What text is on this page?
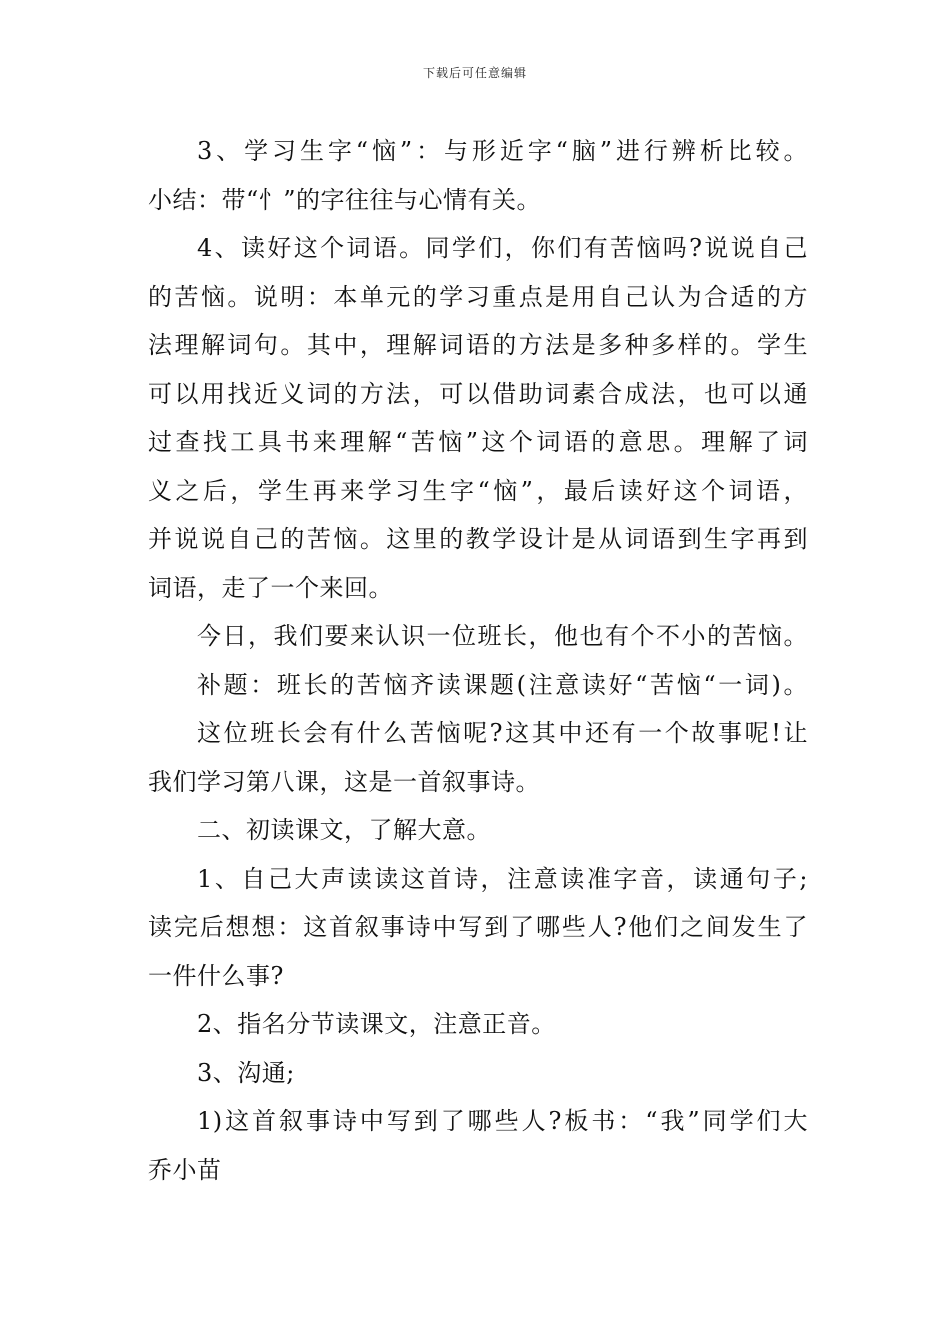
下载后可任意编辑
3、学习生字“恼”：与形近字“脑”进行辨析比较。
小结：带“忄”的字往往与心情有关。
4、读好这个词语。同学们，你们有苦恼吗?说说自己
的苦恼。说明：本单元的学习重点是用自己认为合适的方
法理解词句。其中，理解词语的方法是多种多样的。学生
可以用找近义词的方法，可以借助词素合成法，也可以通
过查找工具书来理解“苦恼”这个词语的意思。理解了词
义之后，学生再来学习生字“恼”，最后读好这个词语，
并说说自己的苦恼。这里的教学设计是从词语到生字再到
词语，走了一个来回。
今日，我们要来认识一位班长，他也有个不小的苦恼。
补题：班长的苦恼齐读课题(注意读好“苦恼“一词)。
这位班长会有什么苦恼呢?这其中还有一个故事呢!让
我们学习第八课，这是一首叙事诗。
二、初读课文，了解大意。
1、自己大声读读这首诗，注意读准字音，读通句子;
读完后想想：这首叙事诗中写到了哪些人?他们之间发生了
一件什么事?
2、指名分节读课文，注意正音。
3、沟通;
1)这首叙事诗中写到了哪些人?板书：“我”同学们大
乔小苗
